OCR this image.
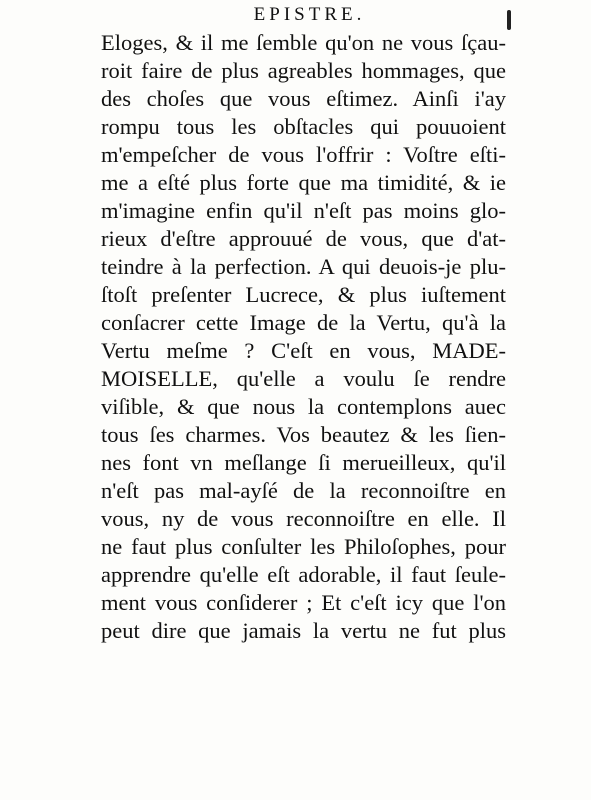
EPISTRE.
Eloges, & il me ſemble qu'on ne vous ſçau-
roit faire de plus agreables hommages, que
des choſes que vous eſtimez. Ainſi i'ay
rompu tous les obſtacles qui pouuoient
m'empeſcher de vous l'offrir : Voſtre eſti-
me a eſté plus forte que ma timidité, & ie
m'imagine enfin qu'il n'eſt pas moins glo-
rieux d'eſtre approuué de vous, que d'at-
teindre à la perfection. A qui deuois-je plu-
ſtoſt preſenter Lucrece, & plus iuſtement
conſacrer cette Image de la Vertu, qu'à la
Vertu meſme ? C'eſt en vous, MADE-
MOISELLE, qu'elle a voulu ſe rendre
viſible, & que nous la contemplons auec
tous ſes charmes. Vos beautez & les ſien-
nes font vn meſlange ſi merueilleux, qu'il
n'eſt pas mal-ayſé de la reconnoiſtre en
vous, ny de vous reconnoiſtre en elle. Il
ne faut plus conſulter les Philoſophes, pour
apprendre qu'elle eſt adorable, il faut ſeule-
ment vous conſiderer ; Et c'eſt icy que l'on
peut dire que jamais la vertu ne fut plus
